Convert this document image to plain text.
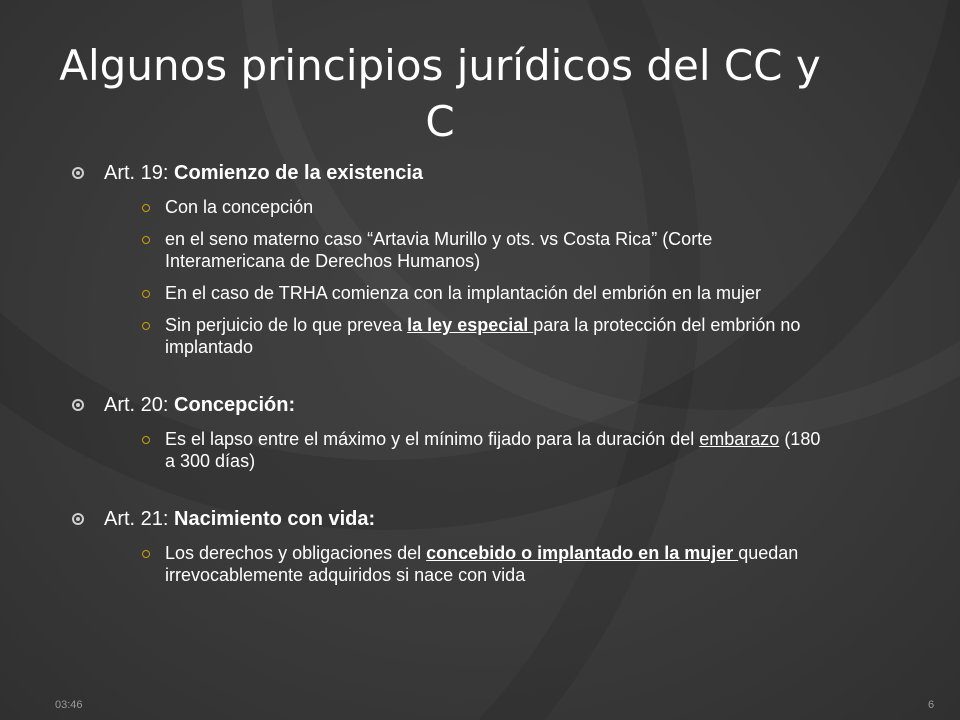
Algunos principios jurídicos del CC y C
Art. 19: Comienzo de la existencia
Con la concepción
en el seno materno caso “Artavia Murillo y ots. vs Costa Rica” (Corte Interamericana de Derechos Humanos)
En el caso de TRHA comienza con la implantación del embrión en la mujer
Sin perjuicio de lo que prevea la ley especial para la protección del embrión no implantado
Art. 20: Concepción:
Es el lapso entre el máximo y el mínimo fijado para la duración del embarazo (180 a 300 días)
Art. 21: Nacimiento con vida:
Los derechos y obligaciones del concebido o implantado en la mujer quedan irrevocablemente adquiridos si nace con vida
03:46	6
